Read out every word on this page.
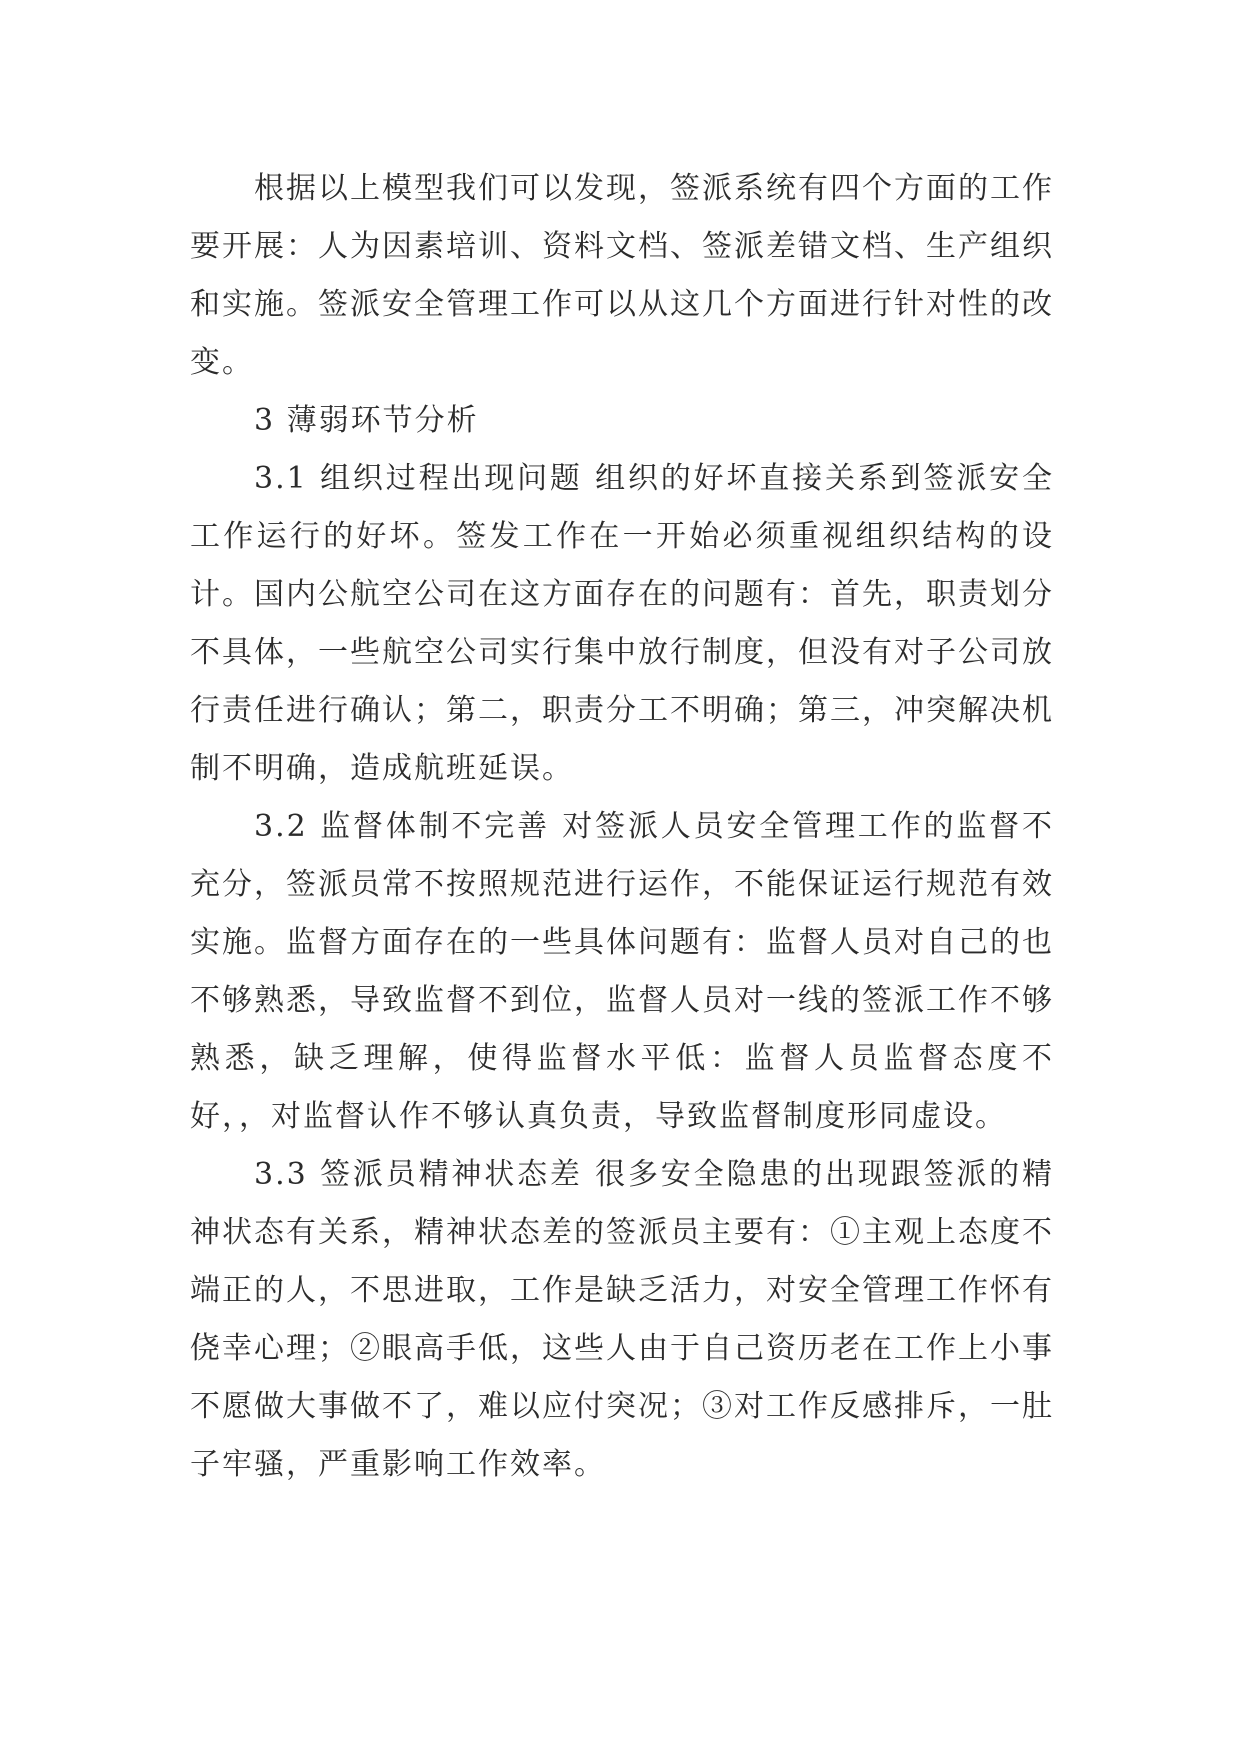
根据以上模型我们可以发现，签派系统有四个方面的工作要开展：人为因素培训、资料文档、签派差错文档、生产组织和实施。签派安全管理工作可以从这几个方面进行针对性的改变。

3 薄弱环节分析

3.1 组织过程出现问题 组织的好坏直接关系到签派安全工作运行的好坏。签发工作在一开始必须重视组织结构的设计。国内公航空公司在这方面存在的问题有：首先，职责划分不具体，一些航空公司实行集中放行制度，但没有对子公司放行责任进行确认；第二，职责分工不明确；第三，冲突解决机制不明确，造成航班延误。

3.2 监督体制不完善 对签派人员安全管理工作的监督不充分，签派员常不按照规范进行运作，不能保证运行规范有效实施。监督方面存在的一些具体问题有：监督人员对自己的也不够熟悉，导致监督不到位，监督人员对一线的签派工作不够熟悉，缺乏理解，使得监督水平低：监督人员监督态度不好，，对监督认作不够认真负责，导致监督制度形同虚设。

3.3 签派员精神状态差 很多安全隐患的出现跟签派的精神状态有关系，精神状态差的签派员主要有：①主观上态度不端正的人，不思进取，工作是缺乏活力，对安全管理工作怀有侥幸心理；②眼高手低，这些人由于自己资历老在工作上小事不愿做大事做不了，难以应付突况；③对工作反感排斥，一肚子牢骚，严重影响工作效率。
